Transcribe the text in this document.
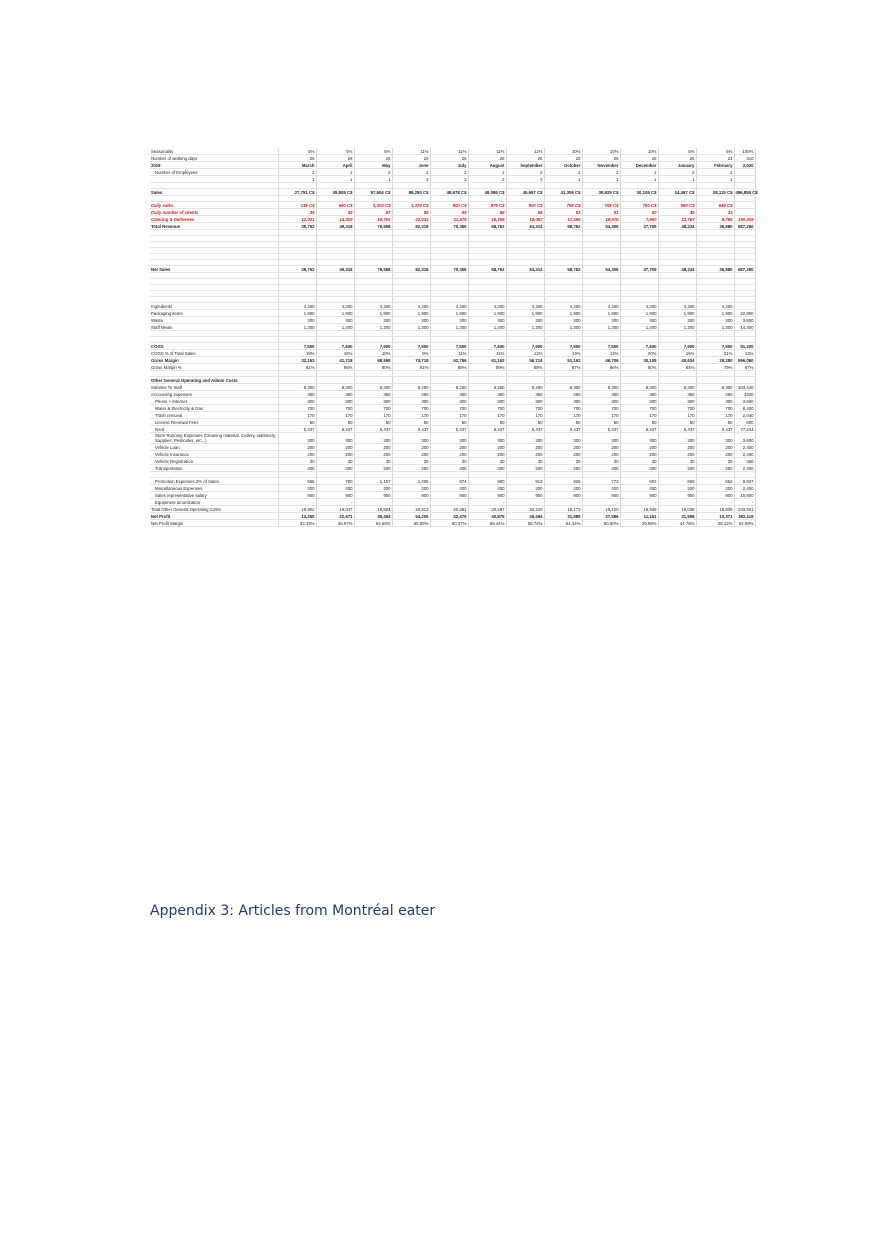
Seasonality	5%	5%	6%	11%	11%	11%	11%	10%	10%	10%	5%	5%	100%
Number of working days	26	26	26	26	26	26	26	26	26	26	26	24	310
2019	March	April	May	June	July	August	September	October	November	December	January	February	2,020
Number of Employees	2	2	2	2	2	2	2	2	2	2	2	2	
	1	1	1	2	2	2	2	1	1	1	1	1	

Sales	27,751 C$	35,809 C$	57,654 C$	88,284 C$	48,678 C$	49,086 C$	45,657 C$	41,306 C$	39,629 C$	30,109 C$	24,467 C$	28,115 C$	496,855 C$

Daily sales	135 C$	690 C$	1,303 C$	1,375 C$	900 C$	875 C$	900 C$	795 C$	765 C$	750 C$	690 C$	645 C$	
Daily number of clients	35	45	87	85	59	65	66	53	51	50	45	43	
Catering & Deliveries	12,001	14,309	18,704	22,034	21,678	19,756	18,057	17,456	15,676	7,600	13,767	8,765	190,405
Total Revenue	39,752	49,318	76,558	82,318	70,356	68,762	64,314	58,762	54,306	37,709	48,234	36,880	687,260

Net Sales	39,752	49,318	76,558	82,318	70,356	68,762	64,314	58,762	54,306	37,709	48,234	36,880	687,260

Ingredients	4,200	4,200	4,200	4,200	4,200	4,200	4,200	4,200	4,200	4,200	4,200	4,200	
Packaging items	1,900	1,900	1,900	1,900	1,900	1,900	1,900	1,900	1,900	1,900	1,900	1,900	22,800
Waste	300	300	300	300	300	300	300	300	300	300	300	300	3,600
Staff Meals	1,200	1,200	1,200	1,200	1,200	1,200	1,200	1,200	1,200	1,200	1,200	1,200	14,400

COGS	7,600	7,600	7,600	7,600	7,600	7,600	7,600	7,600	7,600	7,600	7,600	7,600	91,200
COGS % of Total Sales	19%	15%	10%	9%	11%	11%	12%	13%	14%	20%	16%	21%	13%
Gross Margin	32,152	41,718	68,958	74,718	62,756	61,162	56,714	51,162	46,706	30,109	40,634	29,280	596,060
Gross Margin %	81%	85%	90%	91%	89%	89%	88%	87%	86%	80%	84%	79%	87%

Other General Operating and Admin Costs													
Salaries To Staff	8,300	8,300	8,300	9,260	9,260	9,260	9,260	8,300	8,300	8,300	8,300	8,300	103,440
Accounting expenses	360	360	360	360	360	360	360	360	360	360	360	360	4320
Phone + Internet	300	300	300	300	300	300	300	300	300	300	300	300	3,600
Water & Electricity & Gas	700	700	700	700	700	700	700	700	700	700	700	700	8,400
Trash removal	170	170	170	170	170	170	170	170	170	170	170	170	2,040
License Renewal Fees	50	50	50	50	50	50	50	50	50	50	50	50	600
Rent	6,437	6,437	6,437	6,437	6,437	6,437	6,437	6,437	6,437	6,437	6,437	6,437	77,244
Store Running Expenses (Cleaning material, Cutlery, stationery, Supplies, Pesticides, etc...)	300	300	300	300	300	300	300	300	300	300	300	300	3,600
Vehicle Loan	200	200	200	200	200	200	200	200	200	200	200	200	2,400
Vehicle Insurance	200	200	200	200	200	200	200	200	200	200	200	200	2,400
Vehicle Registration	30	30	30	30	30	30	30	30	30	30	30	30	360
Transportation	200	200	200	200	200	200	200	200	200	200	200	200	2,400

Promotion Expenses 2% of Sales	555	700	1,157	1,206	974	980	913	826	773	602	669	562	9,937
Miscellaneous Expenses	200	200	200	200	200	200	200	200	200	200	200	200	2,400
Sales representative salary	900	900	900	900	900	900	900	900	900	900	900	900	10,800
Equipment amortization	-	-	-	-	-	-	-	-	-	-	-	-	-
Total Other General Operating Costs	18,902	19,047	19,504	20,513	20,281	20,287	20,220	19,173	19,120	18,949	19,036	18,909	233,941
Net Profit	13,250	22,671	49,454	54,205	42,475	40,875	36,494	31,989	27,586	11,161	21,598	10,371	362,119
Net Profit Margin	33.33%	45.97%	64.60%	65.85%	60.37%	59.44%	56.74%	54.44%	50.80%	29.58%	44.78%	28.12%	52.69%
Appendix 3: Articles from Montréal eater
